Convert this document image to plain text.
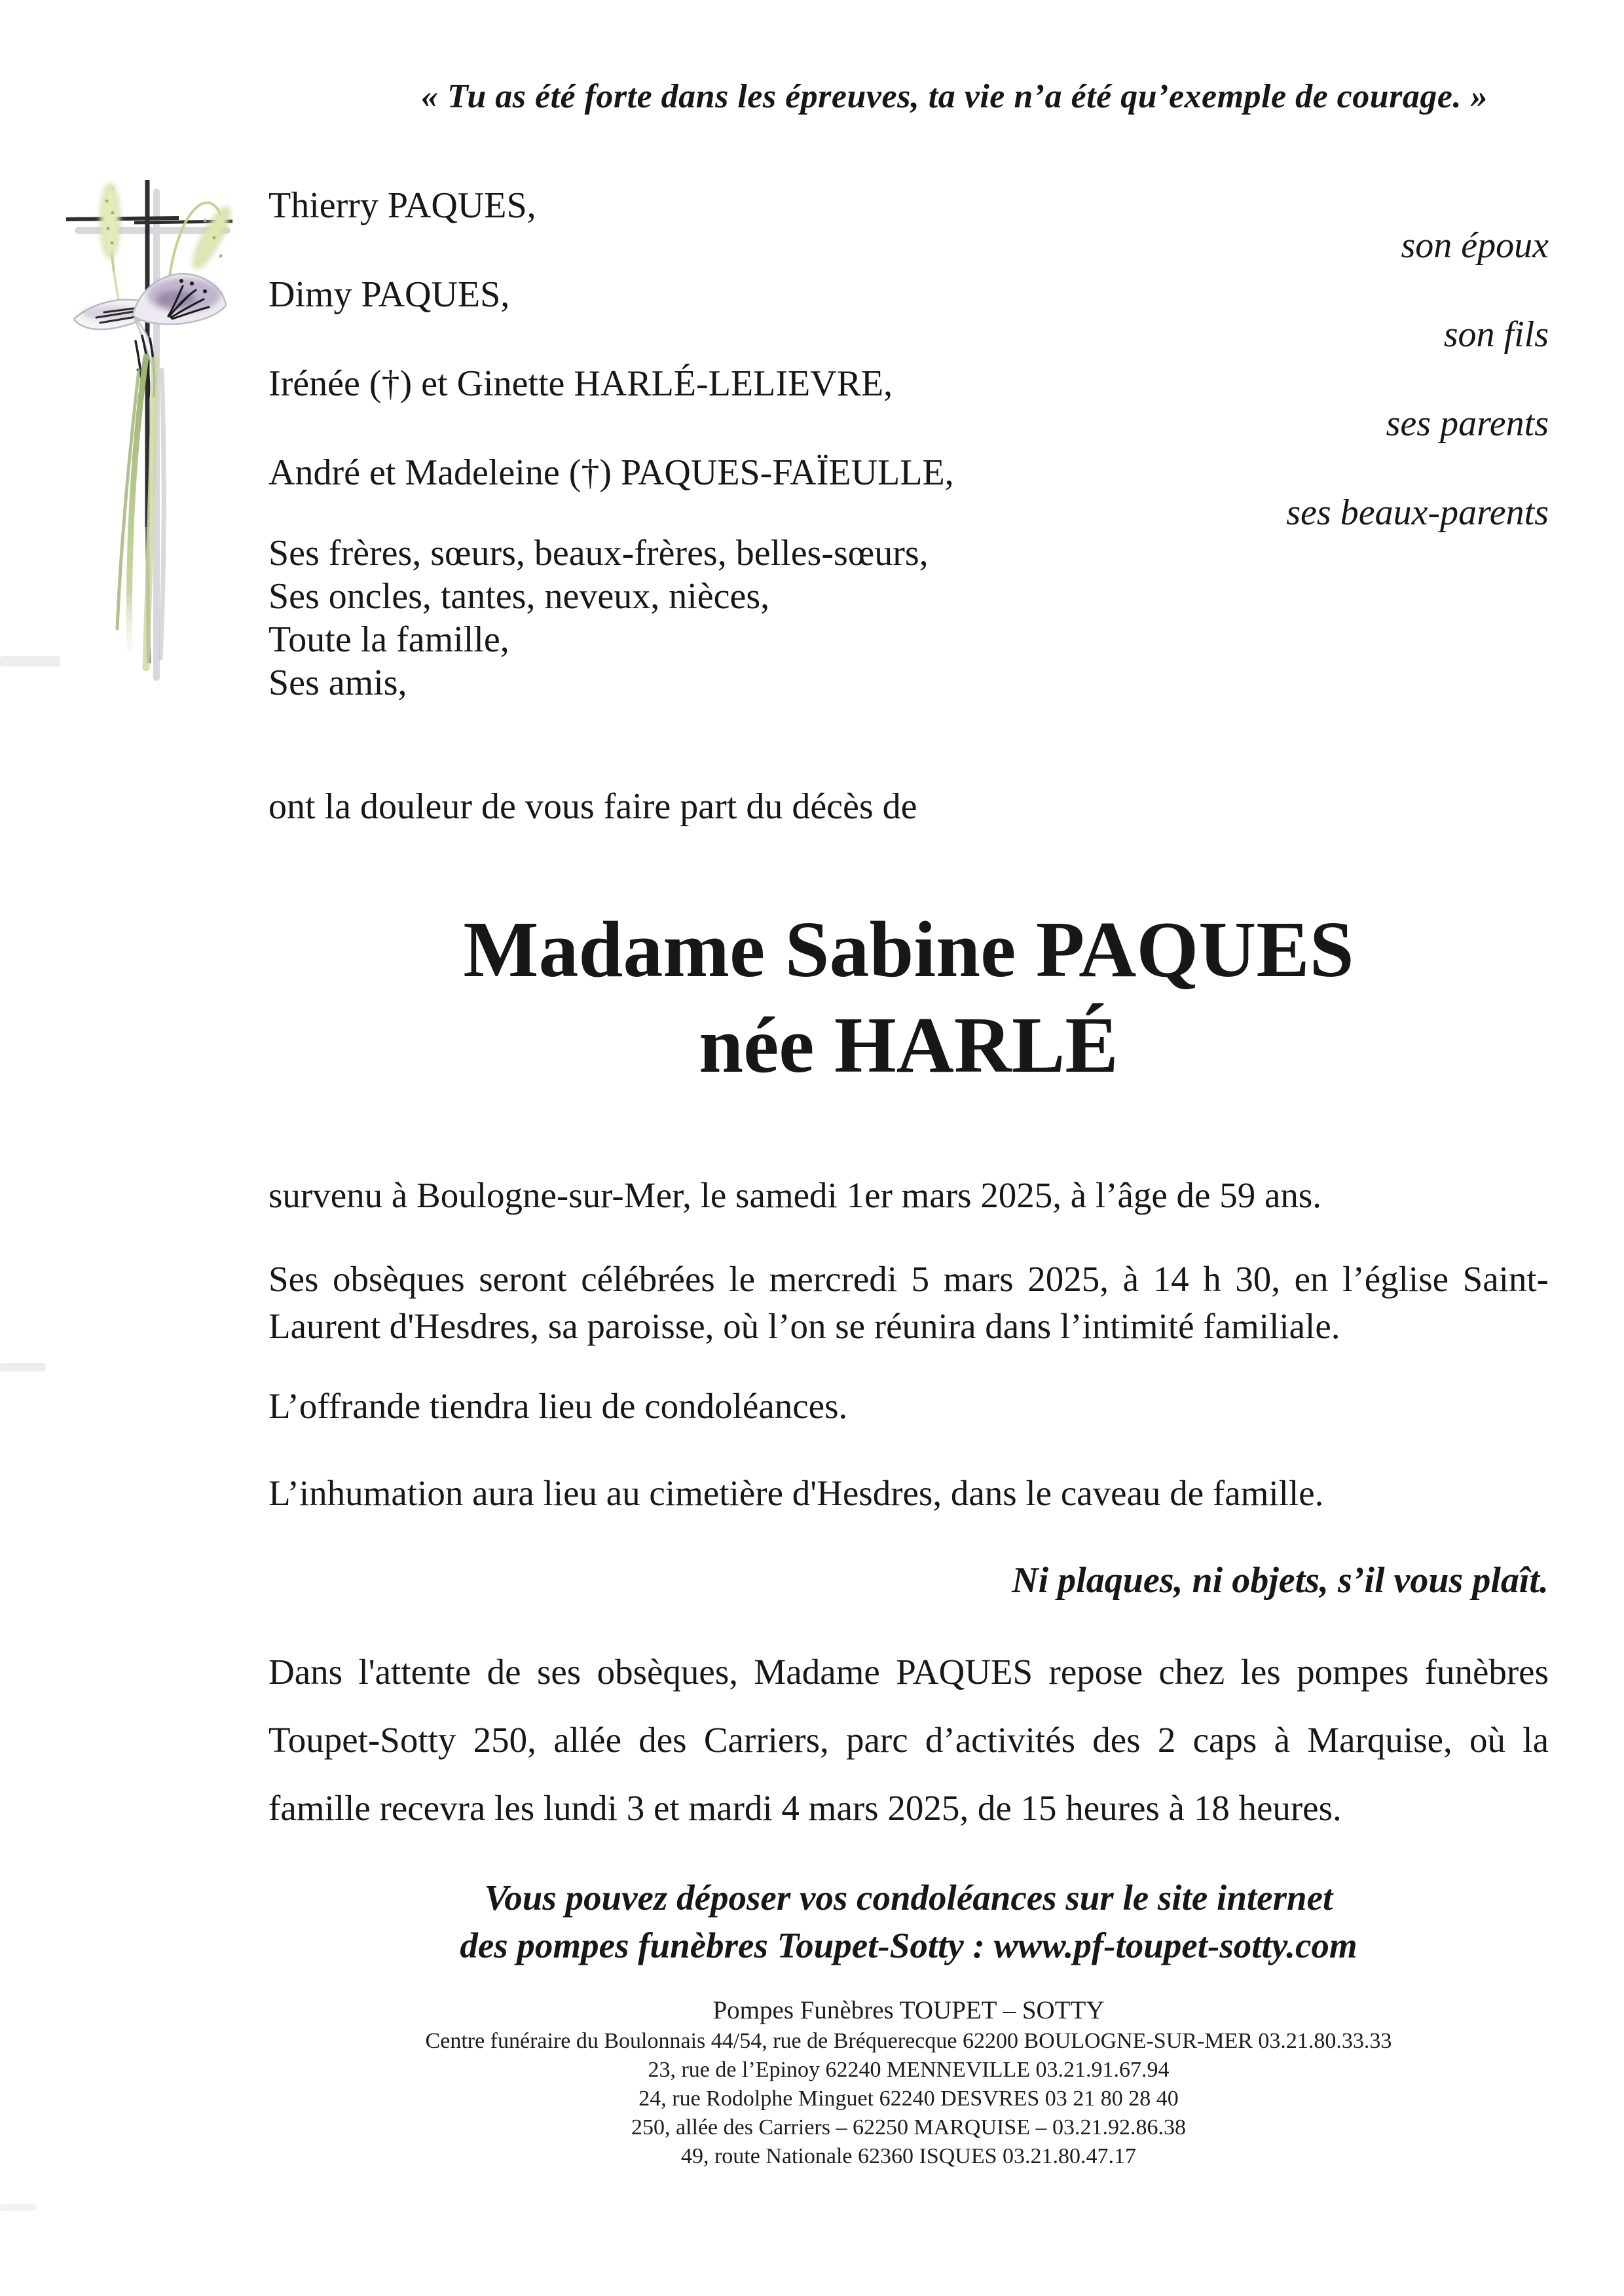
« Tu as été forte dans les épreuves, ta vie n’a été qu’exemple de courage. »
Thierry PAQUES,
son époux
Dimy PAQUES,
son fils
Irénée (†) et Ginette HARLÉ-LELIEVRE,
ses parents
André et Madeleine (†) PAQUES-FAÏEULLE,
ses beaux-parents
Ses frères, sœurs, beaux-frères, belles-sœurs,
Ses oncles, tantes, neveux, nièces,
Toute la famille,
Ses amis,
ont la douleur de vous faire part du décès de
Madame Sabine PAQUES
née HARLÉ
survenu à Boulogne-sur-Mer, le samedi 1er mars 2025, à l’âge de 59 ans.
Ses obsèques seront célébrées le mercredi 5 mars 2025, à 14 h 30, en l’église Saint-Laurent d'Hesdres, sa paroisse, où l’on se réunira dans l’intimité familiale.
L’offrande tiendra lieu de condoléances.
L’inhumation aura lieu au cimetière d'Hesdres, dans le caveau de famille.
Ni plaques, ni objets, s’il vous plaît.
Dans l'attente de ses obsèques, Madame PAQUES repose chez les pompes funèbres Toupet-Sotty 250, allée des Carriers, parc d’activités des 2 caps à Marquise, où la famille recevra les lundi 3 et mardi 4 mars 2025, de 15 heures à 18 heures.
Vous pouvez déposer vos condoléances sur le site internet
des pompes funèbres Toupet-Sotty : www.pf-toupet-sotty.com
Pompes Funèbres TOUPET – SOTTY
Centre funéraire du Boulonnais 44/54, rue de Bréquerecque 62200 BOULOGNE-SUR-MER 03.21.80.33.33
23, rue de l’Epinoy 62240 MENNEVILLE 03.21.91.67.94
24, rue Rodolphe Minguet 62240 DESVRES 03 21 80 28 40
250, allée des Carriers – 62250 MARQUISE – 03.21.92.86.38
49, route Nationale 62360 ISQUES 03.21.80.47.17
